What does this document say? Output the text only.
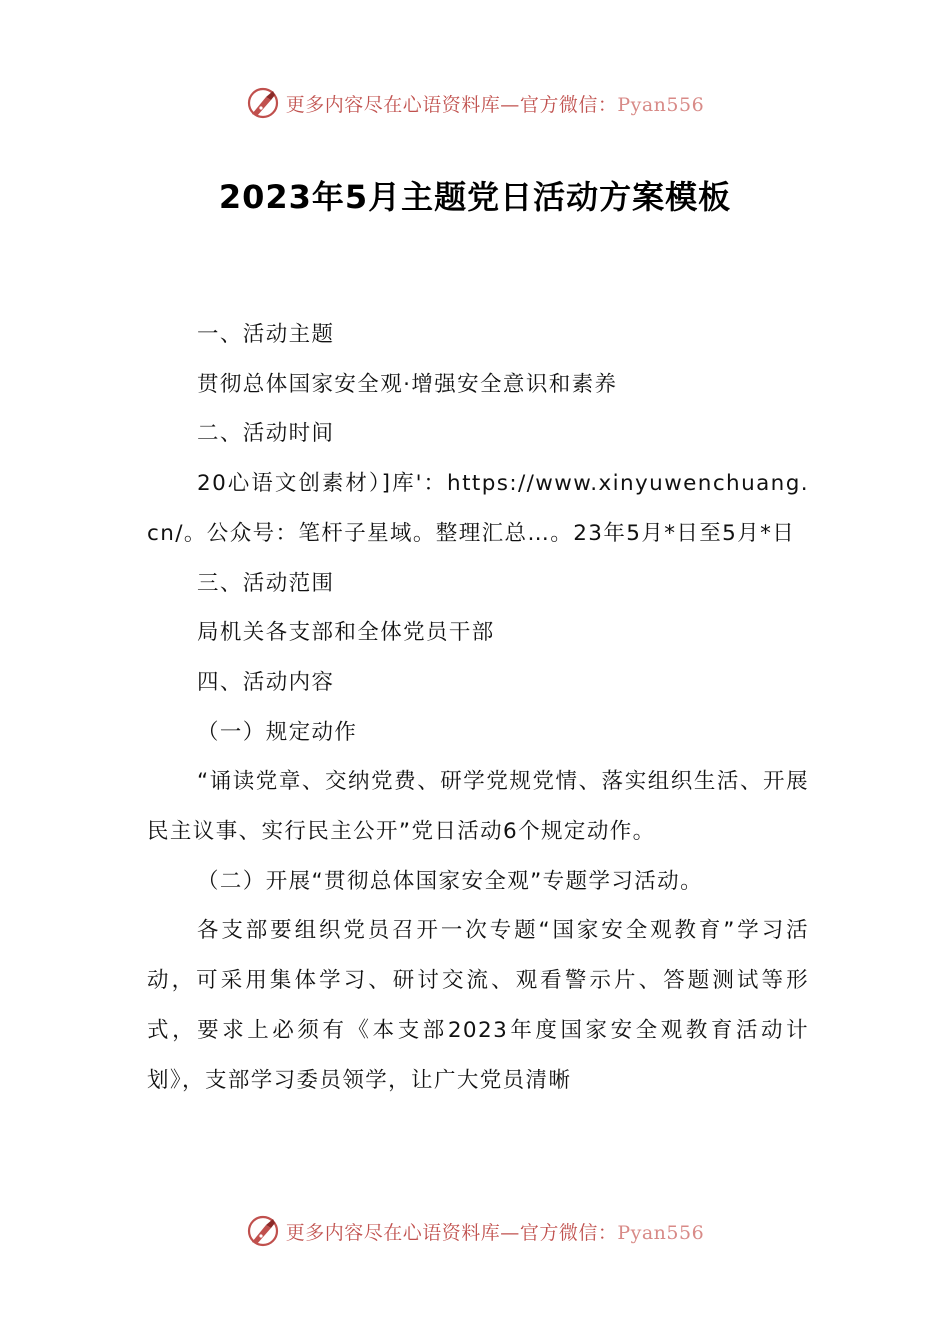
更多内容尽在心语资料库—官方微信：Pyan556
2023年5月主题党日活动方案模板

一、活动主题

贯彻总体国家安全观·增强安全意识和素养

二、活动时间

20心语文创素材）]库'：https://www.xinyuwenchuang.cn/。公众号：笔杆子星域。整理汇总…。23年5月*日至5月*日

三、活动范围

局机关各支部和全体党员干部

四、活动内容

（一）规定动作

“诵读党章、交纳党费、研学党规党情、落实组织生活、开展民主议事、实行民主公开”党日活动6个规定动作。

（二）开展“贯彻总体国家安全观”专题学习活动。

各支部要组织党员召开一次专题“国家安全观教育”学习活动，可采用集体学习、研讨交流、观看警示片、答题测试等形式，要求上必须有《本支部2023年度国家安全观教育活动计划》，支部学习委员领学，让广大党员清晰

更多内容尽在心语资料库—官方微信：Pyan556
